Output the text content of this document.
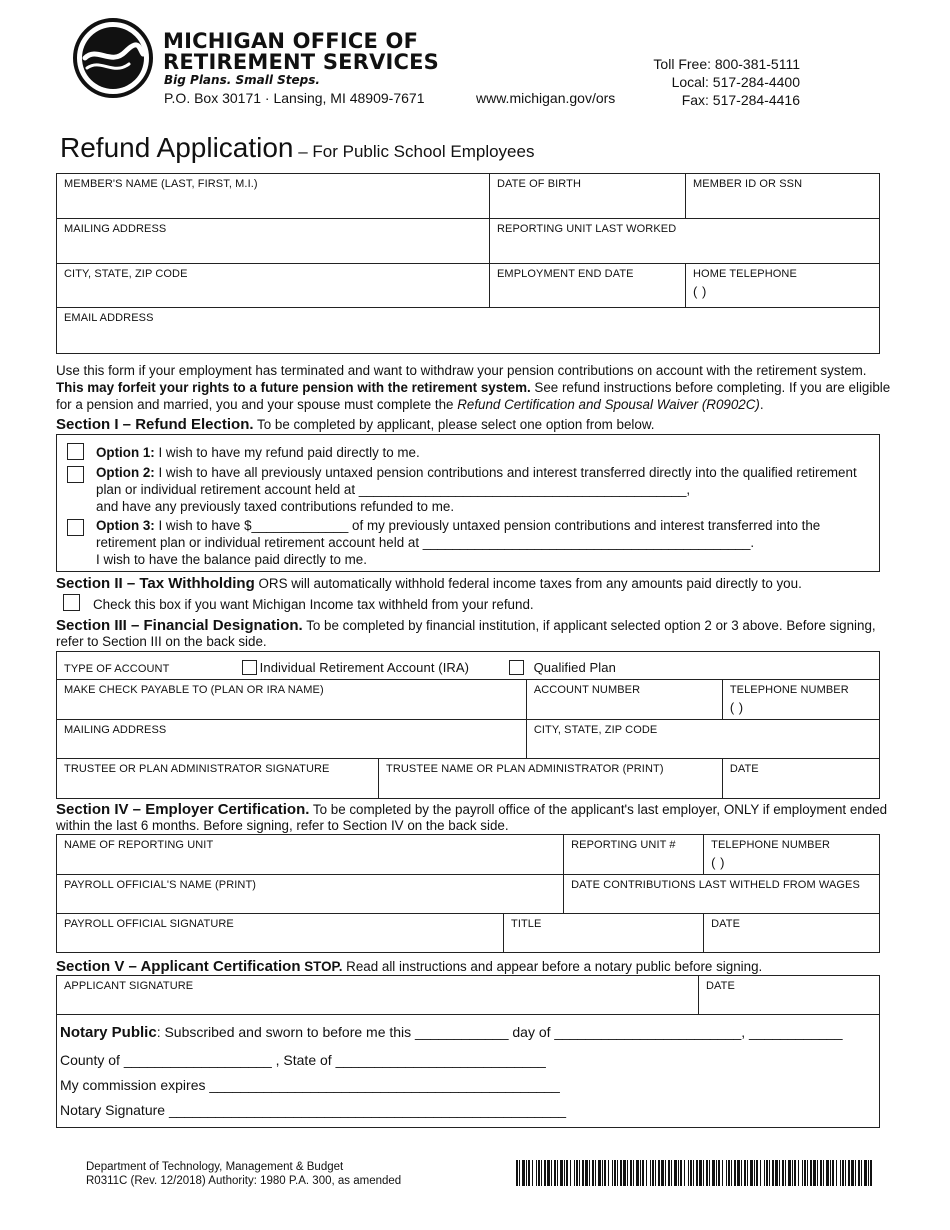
MICHIGAN OFFICE OF
RETIREMENT SERVICES
Big Plans. Small Steps.
P.O. Box 30171 · Lansing, MI 48909-7671	www.michigan.gov/ors
Toll Free: 800-381-5111
Local: 517-284-4400
Fax: 517-284-4416
Refund Application – For Public School Employees
MEMBER'S NAME (LAST, FIRST, M.I.)	DATE OF BIRTH	MEMBER ID OR SSN
MAILING ADDRESS	REPORTING UNIT LAST WORKED	
CITY, STATE, ZIP CODE	EMPLOYMENT END DATE	HOME TELEPHONE
( )

EMAIL ADDRESS		
Use this form if your employment has terminated and want to withdraw your pension contributions on account with the retirement system. This may forfeit your rights to a future pension with the retirement system. See refund instructions before completing. If you are eligible for a pension and married, you and your spouse must complete the Refund Certification and Spousal Waiver (R0902C).
Section I – Refund Election. To be completed by applicant, please select one option from below.
Option 1: I wish to have my refund paid directly to me.
Option 2: I wish to have all previously untaxed pension contributions and interest transferred directly into the qualified retirement plan or individual retirement account held at ____________________________________________,
and have any previously taxed contributions refunded to me.
Option 3: I wish to have $_____________ of my previously untaxed pension contributions and interest transferred into the retirement plan or individual retirement account held at ____________________________________________.
I wish to have the balance paid directly to me.
Section II – Tax Withholding ORS will automatically withhold federal income taxes from any amounts paid directly to you.
Check this box if you want Michigan Income tax withheld from your refund.
Section III – Financial Designation. To be completed by financial institution, if applicant selected option 2 or 3 above. Before signing, refer to Section III on the back side.
TYPE OF ACCOUNT Individual Retirement Account (IRA) Qualified Plan			
MAKE CHECK PAYABLE TO (PLAN OR IRA NAME)		ACCOUNT NUMBER	TELEPHONE NUMBER
( )

MAILING ADDRESS		CITY, STATE, ZIP CODE	
TRUSTEE OR PLAN ADMINISTRATOR SIGNATURE	TRUSTEE NAME OR PLAN ADMINISTRATOR (PRINT)		DATE
Section IV – Employer Certification. To be completed by the payroll office of the applicant's last employer, ONLY if employment ended within the last 6 months. Before signing, refer to Section IV on the back side.
NAME OF REPORTING UNIT		REPORTING UNIT #	TELEPHONE NUMBER
( )

PAYROLL OFFICIAL'S NAME (PRINT)		DATE CONTRIBUTIONS LAST WITHELD FROM WAGES	
PAYROLL OFFICIAL SIGNATURE	TITLE		DATE
Section V – Applicant Certification STOP. Read all instructions and appear before a notary public before signing.
APPLICANT SIGNATURE	DATE
Notary Public: Subscribed and sworn to before me this ____________ day of ________________________, ____________
County of ___________________ , State of ___________________________
My commission expires _____________________________________________
Notary Signature ___________________________________________________
Department of Technology, Management & Budget
R0311C (Rev. 12/2018) Authority: 1980 P.A. 300, as amended
